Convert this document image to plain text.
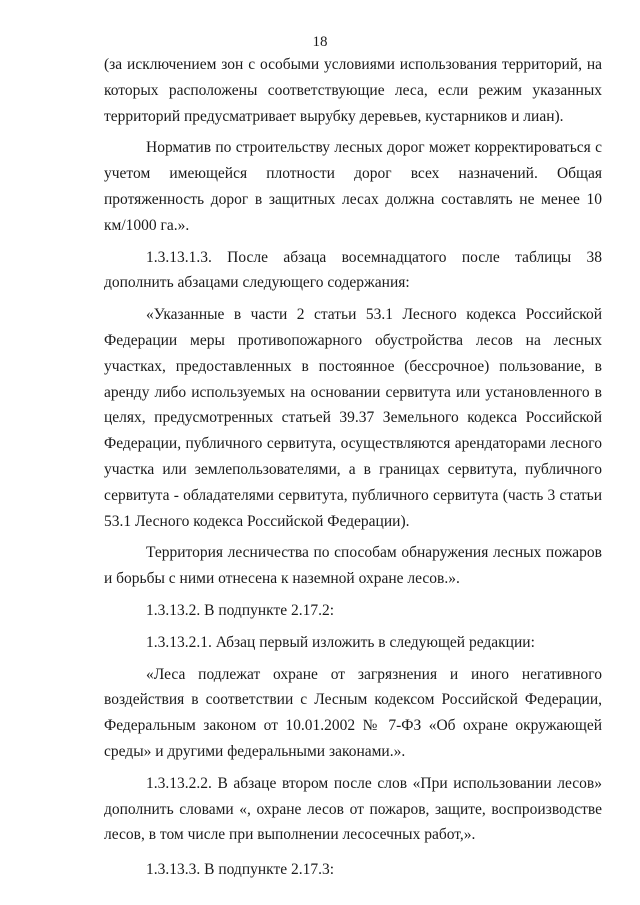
18

(за исключением зон с особыми условиями использования территорий, на которых расположены соответствующие леса, если режим указанных территорий предусматривает вырубку деревьев, кустарников и лиан).

Норматив по строительству лесных дорог может корректироваться с учетом имеющейся плотности дорог всех назначений. Общая протяженность дорог в защитных лесах должна составлять не менее 10 км/1000 га.».

1.3.13.1.3. После абзаца восемнадцатого после таблицы 38 дополнить абзацами следующего содержания:

«Указанные в части 2 статьи 53.1 Лесного кодекса Российской Федерации меры противопожарного обустройства лесов на лесных участках, предоставленных в постоянное (бессрочное) пользование, в аренду либо используемых на основании сервитута или установленного в целях, предусмотренных статьей 39.37 Земельного кодекса Российской Федерации, публичного сервитута, осуществляются арендаторами лесного участка или землепользователями, а в границах сервитута, публичного сервитута - обладателями сервитута, публичного сервитута (часть 3 статьи 53.1 Лесного кодекса Российской Федерации).

Территория лесничества по способам обнаружения лесных пожаров и борьбы с ними отнесена к наземной охране лесов.».

1.3.13.2. В подпункте 2.17.2:

1.3.13.2.1. Абзац первый изложить в следующей редакции:

«Леса подлежат охране от загрязнения и иного негативного воздействия в соответствии с Лесным кодексом Российской Федерации, Федеральным законом от 10.01.2002 № 7-ФЗ «Об охране окружающей среды» и другими федеральными законами.».

1.3.13.2.2. В абзаце втором после слов «При использовании лесов» дополнить словами «, охране лесов от пожаров, защите, воспроизводстве лесов, в том числе при выполнении лесосечных работ,».

1.3.13.3. В подпункте 2.17.3:
